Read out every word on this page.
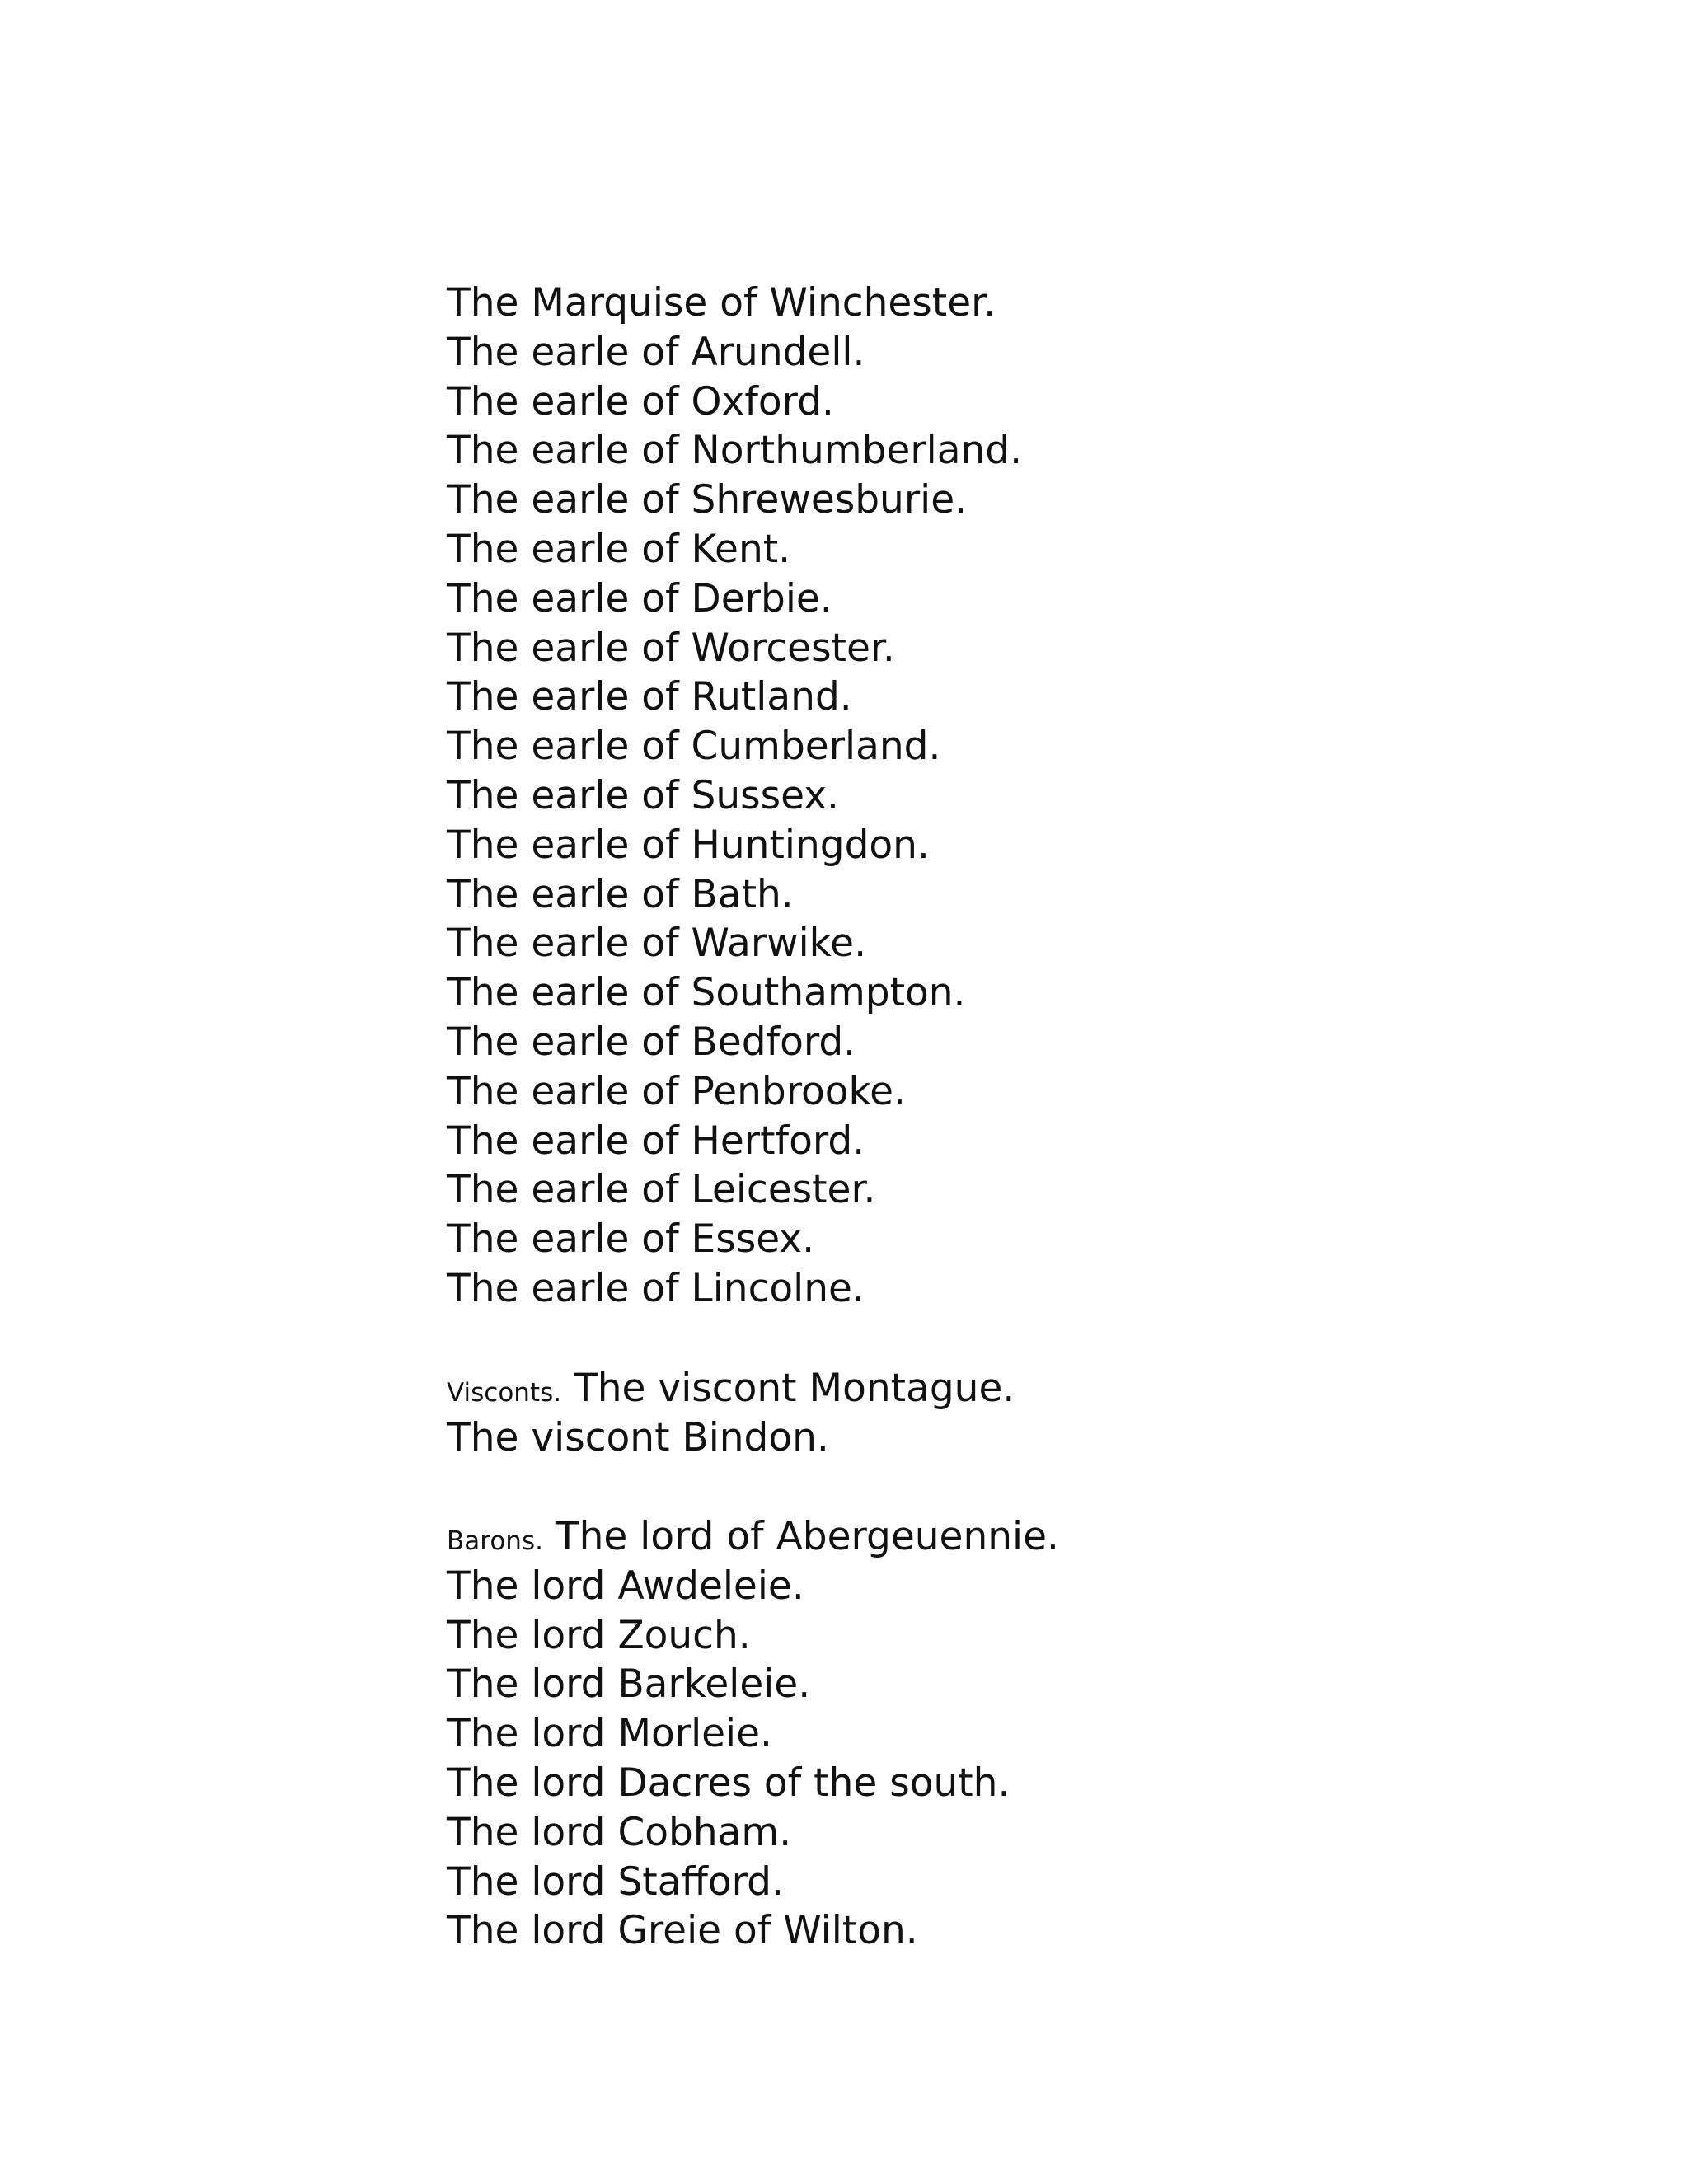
The Marquise of Winchester.
The earle of Arundell.
The earle of Oxford.
The earle of Northumberland.
The earle of Shrewesburie.
The earle of Kent.
The earle of Derbie.
The earle of Worcester.
The earle of Rutland.
The earle of Cumberland.
The earle of Sussex.
The earle of Huntingdon.
The earle of Bath.
The earle of Warwike.
The earle of Southampton.
The earle of Bedford.
The earle of Penbrooke.
The earle of Hertford.
The earle of Leicester.
The earle of Essex.
The earle of Lincolne.
Visconts. The viscont Montague.
The viscont Bindon.
Barons. The lord of Abergeuennie.
The lord Awdeleie.
The lord Zouch.
The lord Barkeleie.
The lord Morleie.
The lord Dacres of the south.
The lord Cobham.
The lord Stafford.
The lord Greie of Wilton.
